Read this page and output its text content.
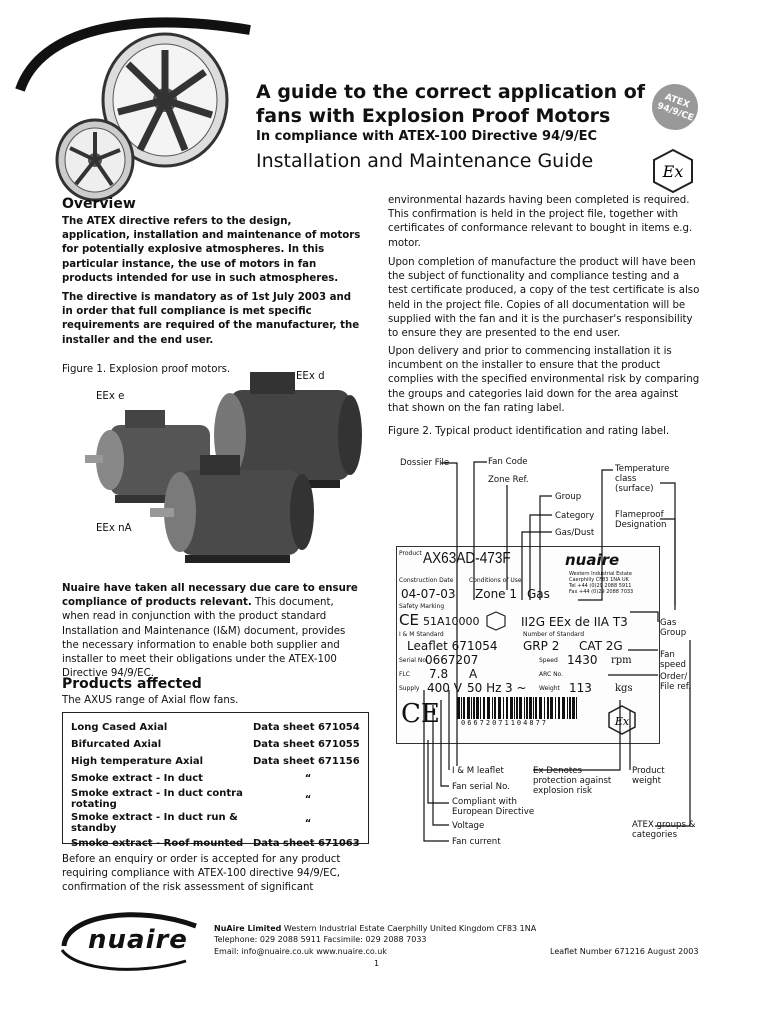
A guide to the correct application of fans with Explosion Proof Motors
In compliance with ATEX-100 Directive 94/9/EC
Installation and Maintenance Guide
ATEX 94/9/CE
Ex
Overview
The ATEX directive refers to the design, application, installation and maintenance of motors for potentially explosive atmospheres. In this particular instance, the use of motors in fan products intended for use in such atmospheres.
The directive is mandatory as of 1st July 2003 and in order that full compliance is met specific requirements are required of the manufacturer, the installer and the end user.
Figure 1. Explosion proof motors.
EEx e
EEx d
EEx nA
Nuaire have taken all necessary due care to ensure compliance of products relevant. This document, when read in conjunction with the product standard Installation and Maintenance (I&M) document, provides the necessary information to enable both supplier and installer to meet their obligations under the ATEX-100 Directive 94/9/EC.
Products affected
The AXUS range of Axial flow fans.
Long Cased Axial	Data sheet 671054
Bifurcated Axial	Data sheet 671055
High temperature Axial	Data sheet 671156
Smoke extract - In duct	“
Smoke extract - In duct contra rotating	“
Smoke extract - In duct run & standby	“
Smoke extract - Roof mounted	Data sheet 671063
Before an enquiry or order is accepted for any product requiring compliance with ATEX-100 directive 94/9/EC, confirmation of the risk assessment of significant
environmental hazards having been completed is required. This confirmation is held in the project file, together with certificates of conformance relevant to bought in items e.g. motor.
Upon completion of manufacture the product will have been the subject of functionality and compliance testing and a test certificate produced, a copy of the test certificate is also held in the project file. Copies of all documentation will be supplied with the fan and it is the purchaser's responsibility to ensure they are presented to the end user.
Upon delivery and prior to commencing installation it is incumbent on the installer to ensure that the product complies with the specified environmental risk by comparing the groups and categories laid down for the area against that shown on the fan rating label.
Figure 2. Typical product identification and rating label.
Product AX63AD-473F	nuaire
Western Industrial Estate
Caerphilly CF83 1NA UK
Tel +44 (0)29 2088 5911
Fax +44 (0)29 2088 7033
Construction Date	Conditions of Use
04-07-03 Zone 1 Gas
Safety Marking
CE 51A10000	II2G EEx de IIA T3
I & M Standard	Number of Standard
Leaflet 671054 GRP 2 CAT 2G
Serial No.
0667207	Speed 1430 rpm
FLC 7.8 A	ARC No.
Supply 400 V 50 Hz 3 ~ Weight 113 kgs
CE	06672071104877	Ex
Dossier File	Fan Code
Zone Ref.
Group
Category
Gas/Dust
Temperature class (surface)
Flameproof Designation
Gas Group
Fan speed
Order/ File ref.
I & M leaflet	Ex Denotes protection against explosion risk
Product weight
Fan serial No.
Compliant with European Directive
Voltage
Fan current
ATEX groups & categories
nuaire	NuAire Limited Western Industrial Estate Caerphilly United Kingdom CF83 1NA
Telephone: 029 2088 5911 Facsimile: 029 2088 7033
Email: info@nuaire.co.uk www.nuaire.co.uk	Leaflet Number 671216 August 2003
1
